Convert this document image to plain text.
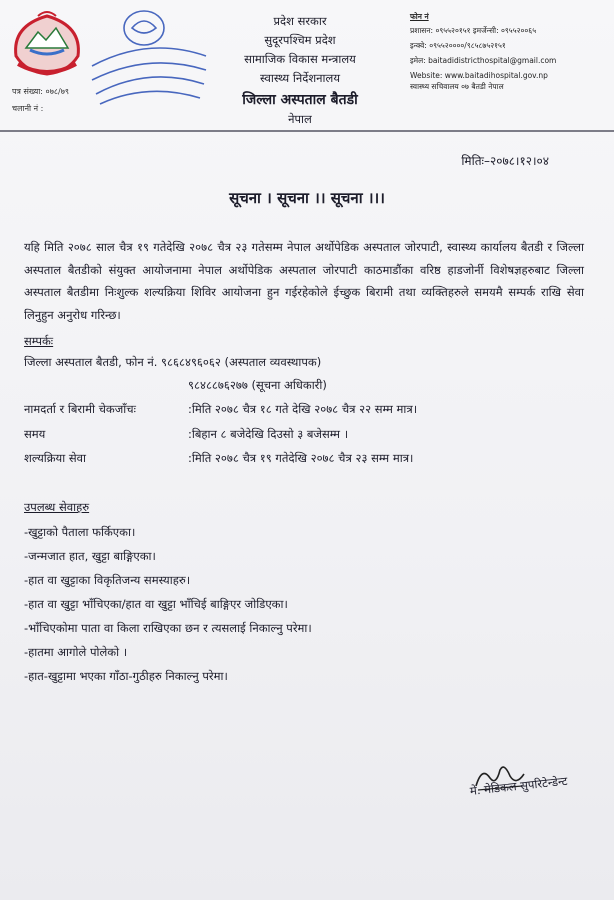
पत्र संख्या: ०७८/७९
चलानी नं :
प्रदेश सरकार
सुदूरपश्चिम प्रदेश
सामाजिक विकास मन्त्रालय
स्वास्थ्य निर्देशनालय
जिल्ला अस्पताल बैतडी
नेपाल
फोन नं
प्रशासन: ०९५५२०१५१ इमर्जेन्सी: ०९५५२००६५
इन्क्वे: ०९५५२००००/९८५८७५२१५१
इमेल: baitadidistricthospital@gmail.com
Website: www.baitadihospital.gov.np
स्वास्थ्य सचिवालय ०७ बैतडी नेपाल
मितिः–२०७८।१२।०४
सूचना । सूचना ।। सूचना ।।।
यहि मिति २०७८ साल चैत्र १९ गतेदेखि २०७८ चैत्र २३ गतेसम्म नेपाल अर्थोपेडिक अस्पताल जोरपाटी, स्वास्थ्य कार्यालय बैतडी र जिल्ला अस्पताल बैतडीको संयुक्त आयोजनामा नेपाल अर्थोपेडिक अस्पताल जोरपाटी काठमाडौंका वरिष्ठ हाडजोर्नी विशेषज्ञहरुबाट जिल्ला अस्पताल बैतडीमा निःशुल्क शल्यक्रिया शिविर आयोजना हुन गईरहेकोले ईच्छुक बिरामी तथा व्यक्तिहरुले समयमै सम्पर्क राखि सेवा लिनुहुन अनुरोध गरिन्छ।
सम्पर्कः
जिल्ला अस्पताल बैतडी, फोन नं. ९८६८४९६०६२ (अस्पताल व्यवस्थापक)
९८४८८७६२७७ (सूचना अधिकारी)
नामदर्ता र बिरामी चेकजाँचः	:मिति २०७८ चैत्र १८ गते देखि २०७८ चैत्र २२ सम्म मात्र।
समय	:बिहान ८ बजेदेखि दिउसो ३ बजेसम्म ।
शल्यक्रिया सेवा	:मिति २०७८ चैत्र १९ गतेदेखि २०७८ चैत्र २३ सम्म मात्र।
उपलब्ध सेवाहरु
-खुट्टाको पैताला फर्किएका।
-जन्मजात हात, खुट्टा बाङ्गिएका।
-हात वा खुट्टाका विकृतिजन्य समस्याहरु।
-हात वा खुट्टा भाँचिएका/हात वा खुट्टा भाँचिई बाङ्गिएर जोडिएका।
-भाँचिएकोमा पाता वा किला राखिएका छन र त्यसलाई निकाल्नु परेमा।
-हातमा आगोले पोलेको ।
-हात-खुट्टामा भएका गाँठा-गुठीहरु निकाल्नु परेमा।
मे. मेडिकल सुपरिटेन्डेन्ट
